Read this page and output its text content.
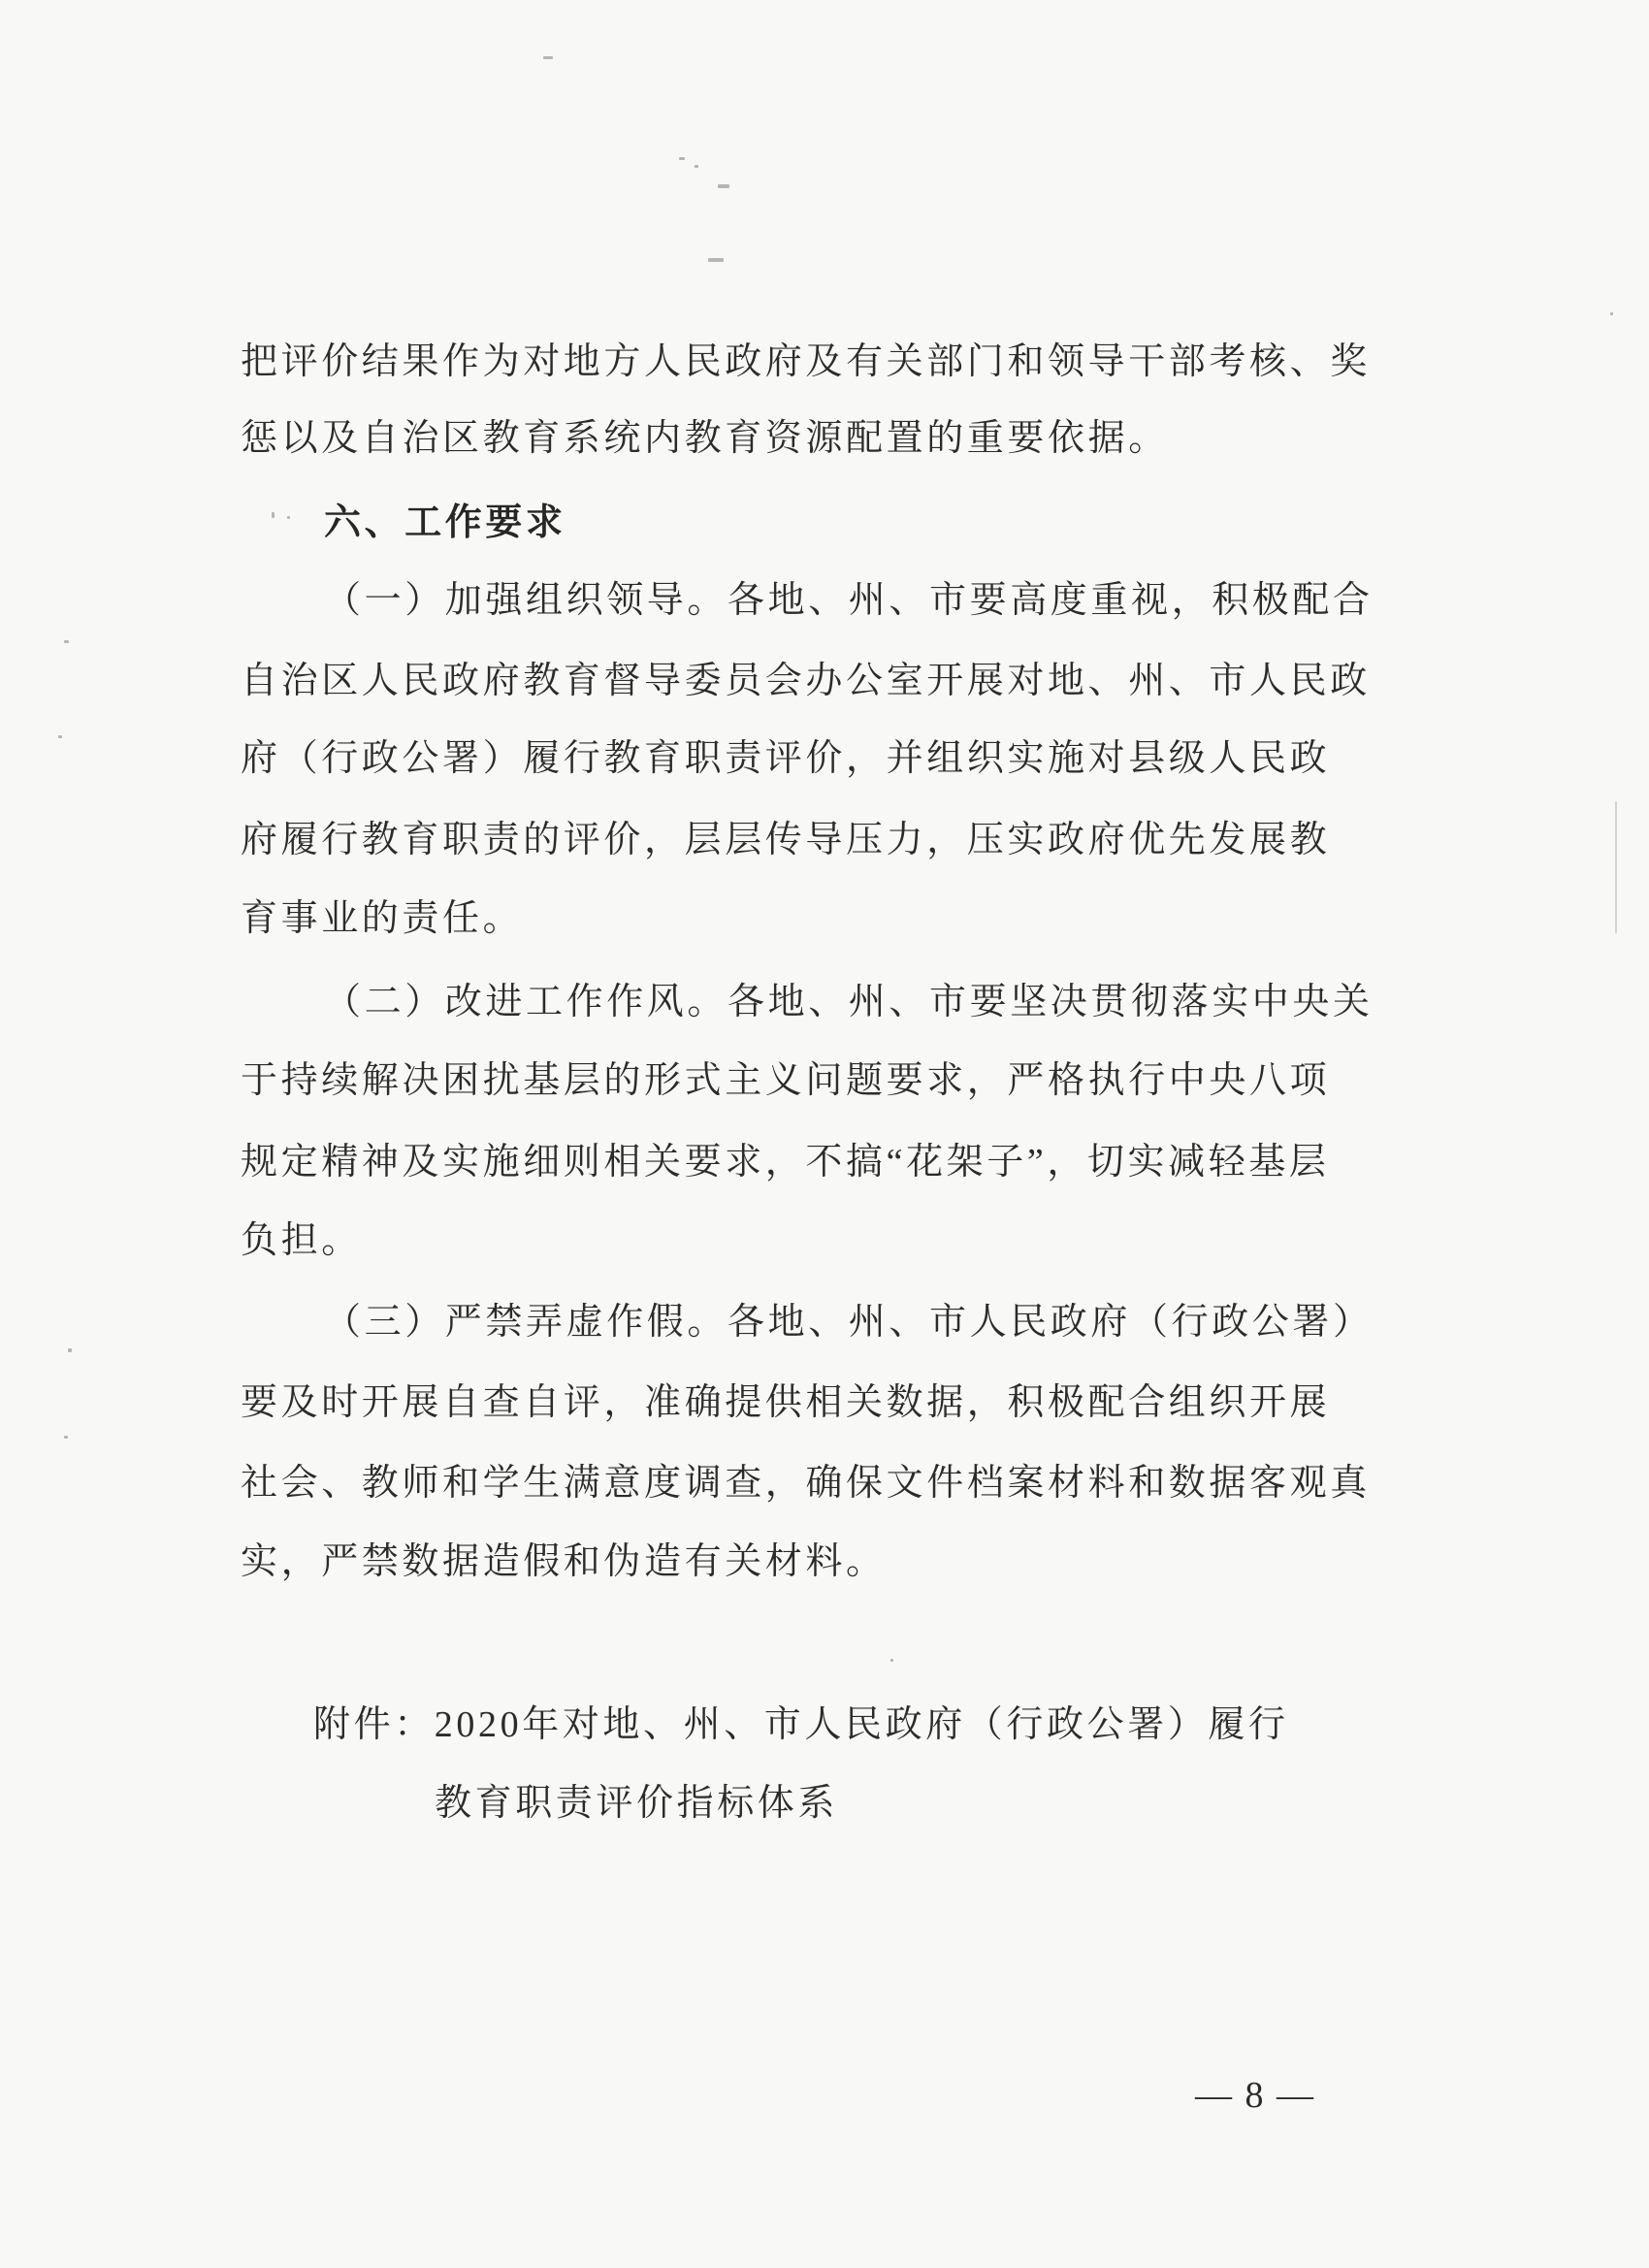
把评价结果作为对地方人民政府及有关部门和领导干部考核、奖
惩以及自治区教育系统内教育资源配置的重要依据。
六、工作要求
（一）加强组织领导。各地、州、市要高度重视，积极配合
自治区人民政府教育督导委员会办公室开展对地、州、市人民政
府（行政公署）履行教育职责评价，并组织实施对县级人民政
府履行教育职责的评价，层层传导压力，压实政府优先发展教
育事业的责任。
（二）改进工作作风。各地、州、市要坚决贯彻落实中央关
于持续解决困扰基层的形式主义问题要求，严格执行中央八项
规定精神及实施细则相关要求，不搞“花架子”，切实减轻基层
负担。
（三）严禁弄虚作假。各地、州、市人民政府（行政公署）
要及时开展自查自评，准确提供相关数据，积极配合组织开展
社会、教师和学生满意度调查，确保文件档案材料和数据客观真
实，严禁数据造假和伪造有关材料。
附件：2020年对地、州、市人民政府（行政公署）履行
教育职责评价指标体系
— 8 —
